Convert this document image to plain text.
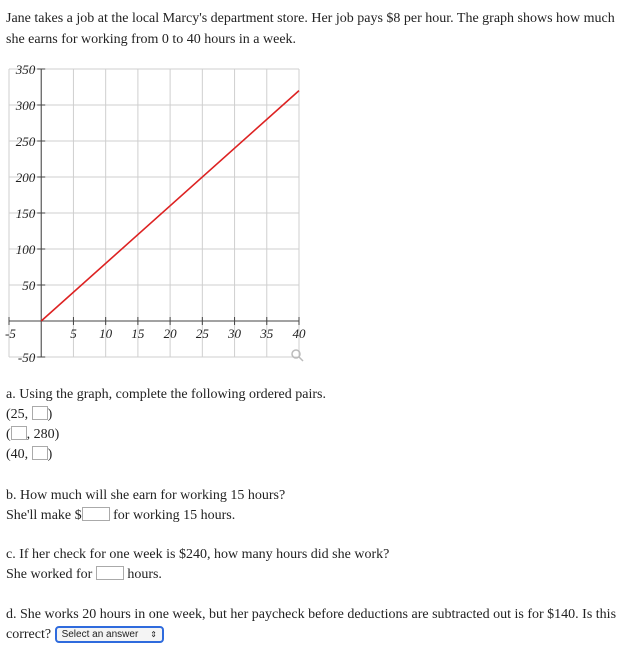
Jane takes a job at the local Marcy's department store. Her job pays $8 per hour. The graph shows how much she earns for working from 0 to 40 hours in a week.

-5	5 10 15 20 25 30 35 40
350
300
250
200
150
100
50
-50
a. Using the graph, complete the following ordered pairs.
(25, )
( , 280)
(40, )
b. How much will she earn for working 15 hours?
She'll make $ for working 15 hours.
c. If her check for one week is $240, how many hours did she work?
She worked for	hours.
d. She works 20 hours in one week, but her paycheck before deductions are subtracted out is for $140. Is this
correct? Select an answer ⇕
